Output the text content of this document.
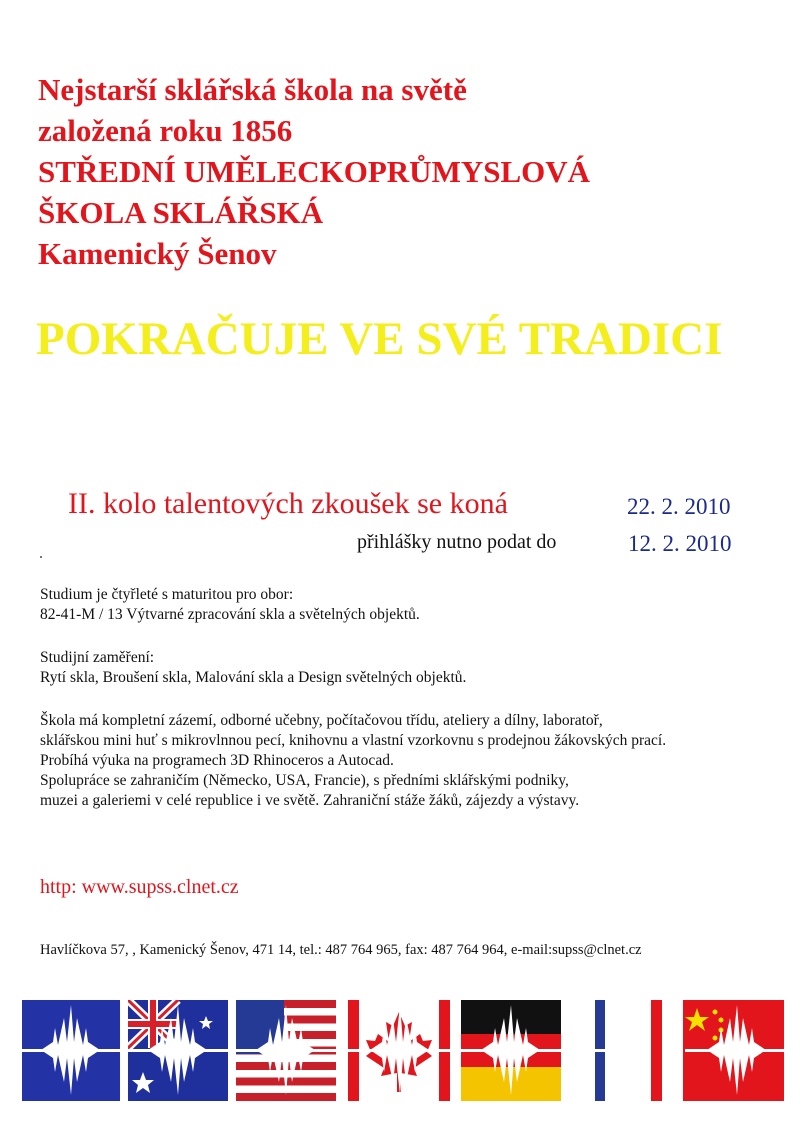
Nejstarší sklářská škola na světě
založená roku 1856
STŘEDNÍ UMĚLECKOPRŮMYSLOVÁ
ŠKOLA SKLÁŘSKÁ
Kamenický Šenov
POKRAČUJE VE SVÉ TRADICI
II. kolo talentových zkoušek se koná	22. 2. 2010
přihlášky nutno podat do	12. 2. 2010
Studium je čtyřleté s maturitou pro obor:
82-41-M / 13 Výtvarné zpracování skla a světelných objektů.
Studijní zaměření:
Rytí skla, Broušení skla, Malování skla a Design světelných objektů.
Škola má kompletní zázemí, odborné učebny, počítačovou třídu, ateliery a dílny, laboratoř,
sklářskou mini huť s mikrovlnnou pecí, knihovnu a vlastní vzorkovnu s prodejnou žákovských prací.
Probíhá výuka na programech 3D Rhinoceros a Autocad.
Spolupráce se zahraničím (Německo, USA, Francie), s předními sklářskými podniky,
muzei a galeriemi v celé republice i ve světě. Zahraniční stáže žáků, zájezdy a výstavy.
http: www.supss.clnet.cz
Havlíčkova 57, , Kamenický Šenov, 471 14, tel.: 487 764 965, fax: 487 764 964, e-mail:supss@clnet.cz
